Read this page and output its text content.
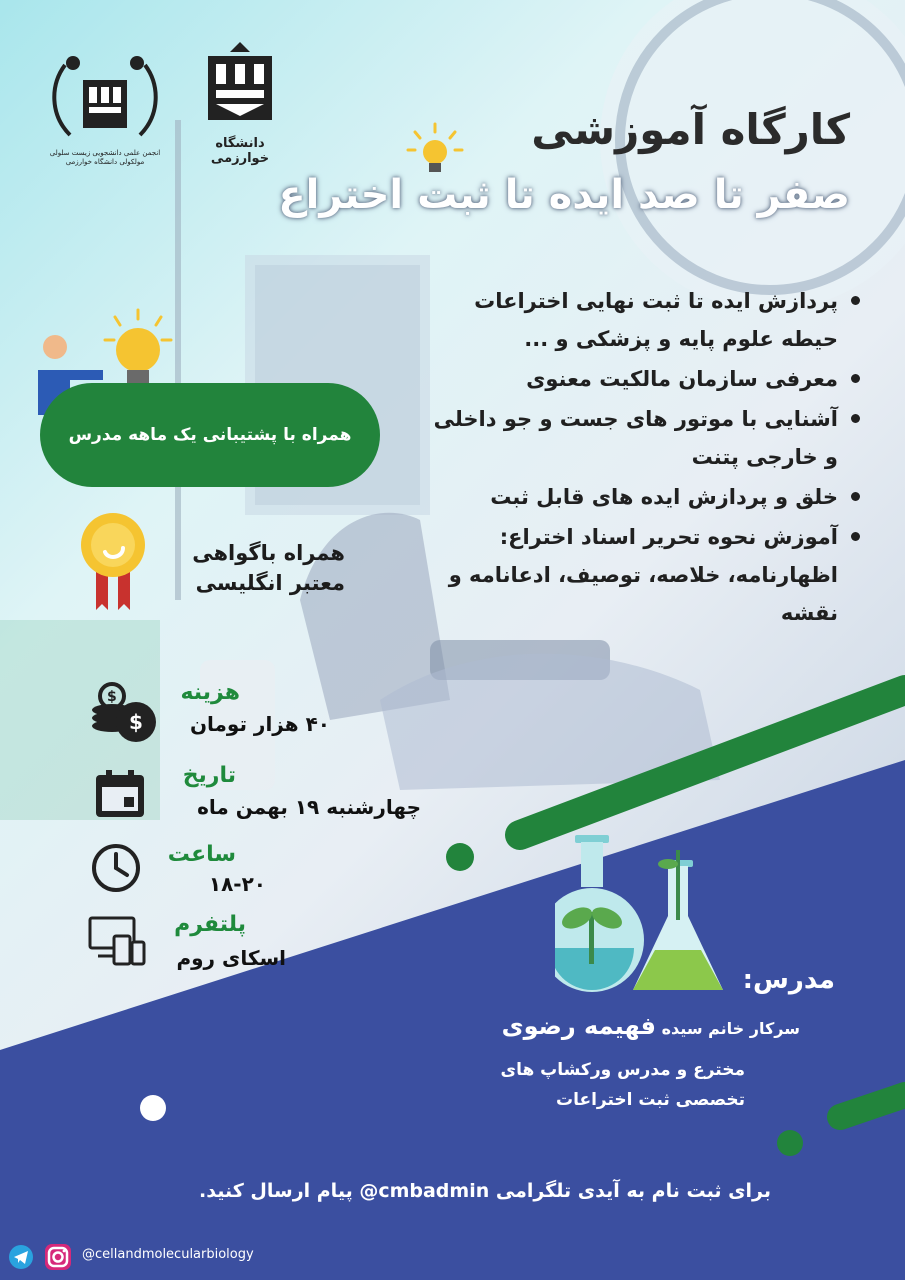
انجمن علمی دانشجویی زیست سلولی مولکولی دانشگاه خوارزمی
دانشگاه خوارزمی
کارگاه آموزشی
صفر تا صد ایده تا ثبت اختراع
پردازش ایده تا ثبت نهایی اختراعات حیطه علوم پایه و پزشکی و ...
معرفی سازمان مالکیت معنوی
آشنایی با موتور های جست و جو داخلی و خارجی پتنت
خلق و پردازش ایده های قابل ثبت
آموزش نحوه تحریر اسناد اختراع: اظهارنامه، خلاصه، توصیف، ادعانامه و نقشه
همراه با پشتیبانی یک ماهه مدرس
همراه باگواهی معتبر انگلیسی
$
$
هزینه
۴۰ هزار تومان
تاریخ
چهارشنبه ۱۹ بهمن ماه
ساعت
۱۸-۲۰
پلتفرم
اسکای روم
مدرس:
سرکار خانم سیده فهیمه رضوی
مخترع و مدرس ورکشاپ های تخصصی ثبت اختراعات
برای ثبت نام به آیدی تلگرامی cmbadmin@ پیام ارسال کنید.
@cellandmolecularbiology
